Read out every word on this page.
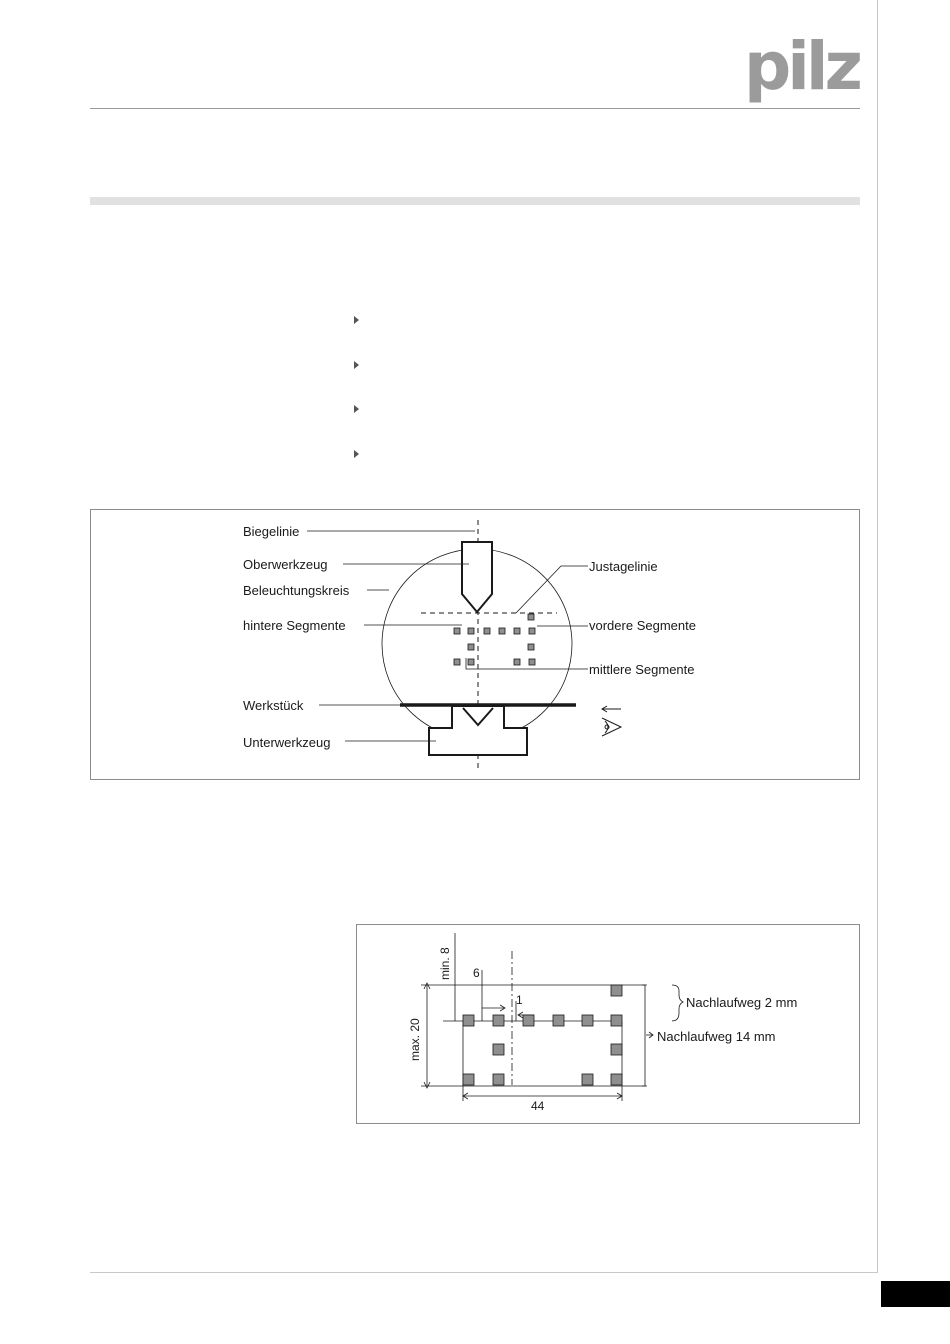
pilz
Biegelinie
Oberwerkzeug
Beleuchtungskreis
hintere Segmente
Werkstück
Unterwerkzeug
Justagelinie
vordere Segmente
mittlere Segmente
min. 8
max. 20
6
1
44
Nachlaufweg 2 mm
Nachlaufweg 14 mm
